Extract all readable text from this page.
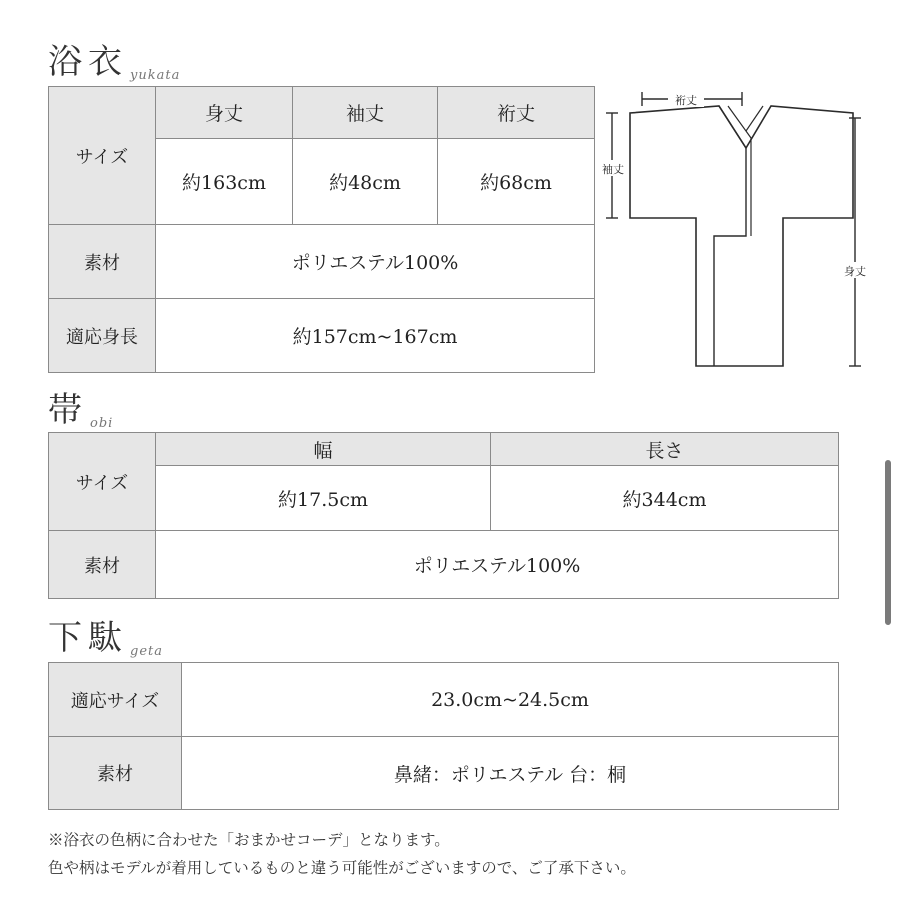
浴衣 yukata
サイズ	身丈	袖丈	裄丈
	約163cm	約48cm	約68cm
素材	ポリエステル100%		
適応身長	約157cm~167cm		
裄丈
袖丈
身丈
帯obi
サイズ	幅	長さ
	約17.5cm	約344cm
素材	ポリエステル100%	
下駄 geta
適応サイズ	23.0cm~24.5cm
素材	鼻緒：ポリエステル 台：桐
※浴衣の色柄に合わせた「おまかせコーデ」となります。
色や柄はモデルが着用しているものと違う可能性がございますので、ご了承下さい。
